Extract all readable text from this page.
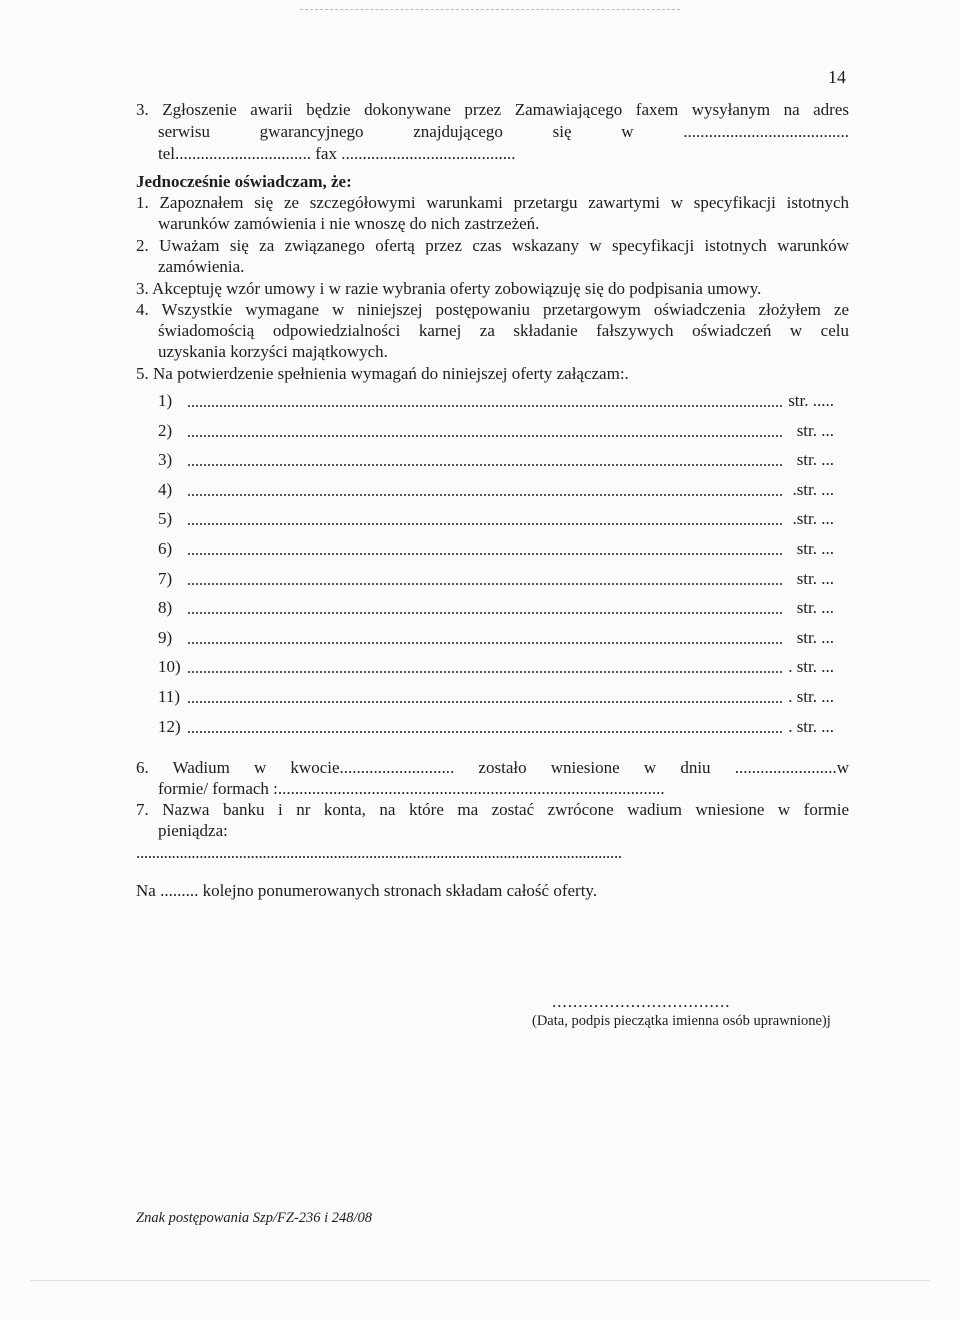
14
3. Zgłoszenie awarii będzie dokonywane przez Zamawiającego faxem wysyłanym na adres
serwisu gwarancyjnego znajdującego się w .......................................
tel................................ fax .........................................
Jednocześnie oświadczam, że:
1. Zapoznałem się ze szczegółowymi warunkami przetargu zawartymi w specyfikacji istotnych
warunków zamówienia i nie wnoszę do nich zastrzeżeń.
2. Uważam się za związanego ofertą przez czas wskazany w specyfikacji istotnych warunków
zamówienia.
3. Akceptuję wzór umowy i w razie wybrania oferty zobowiązuję się do podpisania umowy.
4. Wszystkie wymagane w niniejszej postępowaniu przetargowym oświadczenia złożyłem ze
świadomością odpowiedzialności karnej za składanie fałszywych oświadczeń w celu
uzyskania korzyści majątkowych.
5. Na potwierdzenie spełnienia wymagań do niniejszej oferty załączam:.
1)	str. .....
2)	str. ...
3)	str. ...
4)	.str. ...
5)	.str. ...
6)	str. ...
7)	str. ...
8)	str. ...
9)	str. ...
10)	. str. ...
11)	. str. ...
12)	. str. ...
6. Wadium w kwocie........................... zostało wniesione w dniu ........................w
formie/ formach :...........................................................................................
7. Nazwa banku i nr konta, na które ma zostać zwrócone wadium wniesione w formie
pieniądza:
...........................................................................................................................
Na ......... kolejno ponumerowanych stronach składam całość oferty.
..................................
(Data, podpis pieczątka imienna osób uprawnione)j
Znak postępowania Szp/FZ-236 i 248/08
